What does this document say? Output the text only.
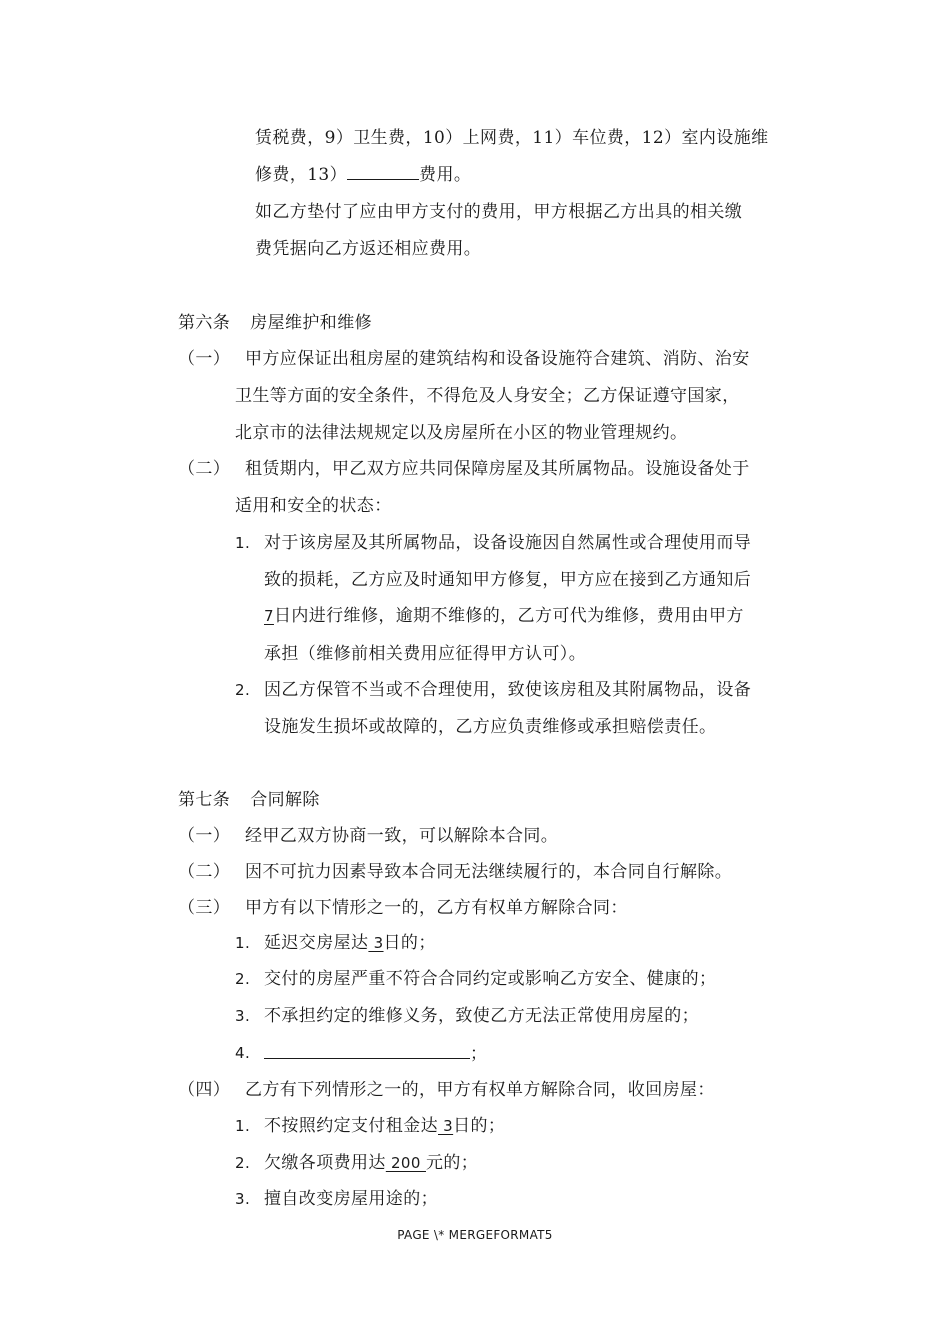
赁税费，9）卫生费，10）上网费，11）车位费，12）室内设施维
修费，13）	费用。
如乙方垫付了应由甲方支付的费用，甲方根据乙方出具的相关缴
费凭据向乙方返还相应费用。
第六条 房屋维护和维修
（一） 甲方应保证出租房屋的建筑结构和设备设施符合建筑、消防、治安
卫生等方面的安全条件，不得危及人身安全；乙方保证遵守国家，
北京市的法律法规规定以及房屋所在小区的物业管理规约。
（二） 租赁期内，甲乙双方应共同保障房屋及其所属物品。设施设备处于
适用和安全的状态：
1. 对于该房屋及其所属物品，设备设施因自然属性或合理使用而导
致的损耗，乙方应及时通知甲方修复，甲方应在接到乙方通知后
7日内进行维修，逾期不维修的，乙方可代为维修，费用由甲方
承担（维修前相关费用应征得甲方认可）。
2. 因乙方保管不当或不合理使用，致使该房租及其附属物品，设备
设施发生损坏或故障的，乙方应负责维修或承担赔偿责任。
第七条 合同解除
（一） 经甲乙双方协商一致，可以解除本合同。
（二） 因不可抗力因素导致本合同无法继续履行的，本合同自行解除。
（三） 甲方有以下情形之一的，乙方有权单方解除合同：
1. 延迟交房屋达 3日的；
2. 交付的房屋严重不符合合同约定或影响乙方安全、健康的；
3. 不承担约定的维修义务，致使乙方无法正常使用房屋的；
4.	；
（四） 乙方有下列情形之一的，甲方有权单方解除合同，收回房屋：
1. 不按照约定支付租金达 3日的；
2. 欠缴各项费用达 200 元的；
3. 擅自改变房屋用途的；
PAGE \* MERGEFORMAT5
